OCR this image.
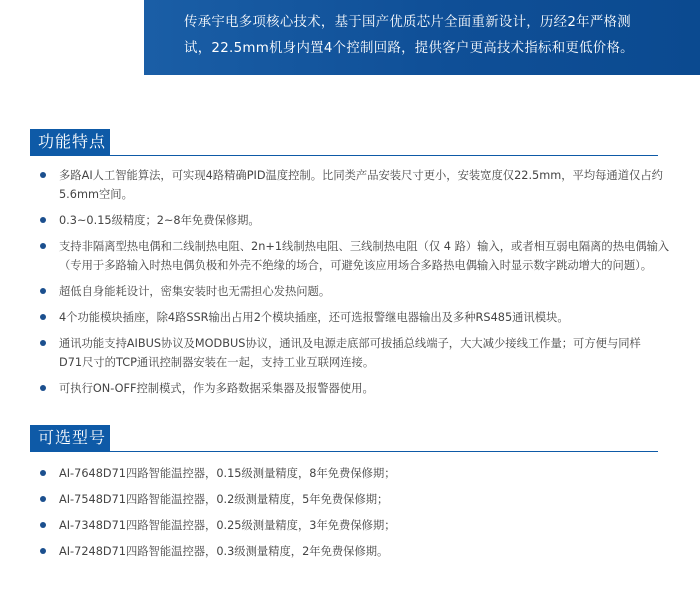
传承宇电多项核心技术，基于国产优质芯片全面重新设计，历经2年严格测

试，22.5mm机身内置4个控制回路，提供客户更高技术指标和更低价格。

功能特点
多路AI人工智能算法，可实现4路精确PID温度控制。比同类产品安装尺寸更小，安装宽度仅22.5mm，平均每通道仅占约
5.6mm空间。
0.3~0.15级精度；2~8年免费保修期。
支持非隔离型热电偶和二线制热电阻、2n+1线制热电阻、三线制热电阻（仅 4 路）输入，或者相互弱电隔离的热电偶输入
（专用于多路输入时热电偶负极和外壳不绝缘的场合，可避免该应用场合多路热电偶输入时显示数字跳动增大的问题）。
超低自身能耗设计，密集安装时也无需担心发热问题。
4个功能模块插座，除4路SSR输出占用2个模块插座，还可选报警继电器输出及多种RS485通讯模块。
通讯功能支持AIBUS协议及MODBUS协议，通讯及电源走底部可拔插总线端子，大大减少接线工作量；可方便与同样
D71尺寸的TCP通讯控制器安装在一起，支持工业互联网连接。
可执行ON-OFF控制模式，作为多路数据采集器及报警器使用。
可选型号
AI-7648D71四路智能温控器，0.15级测量精度，8年免费保修期；
AI-7548D71四路智能温控器，0.2级测量精度，5年免费保修期；
AI-7348D71四路智能温控器，0.25级测量精度，3年免费保修期；
AI-7248D71四路智能温控器，0.3级测量精度，2年免费保修期。
